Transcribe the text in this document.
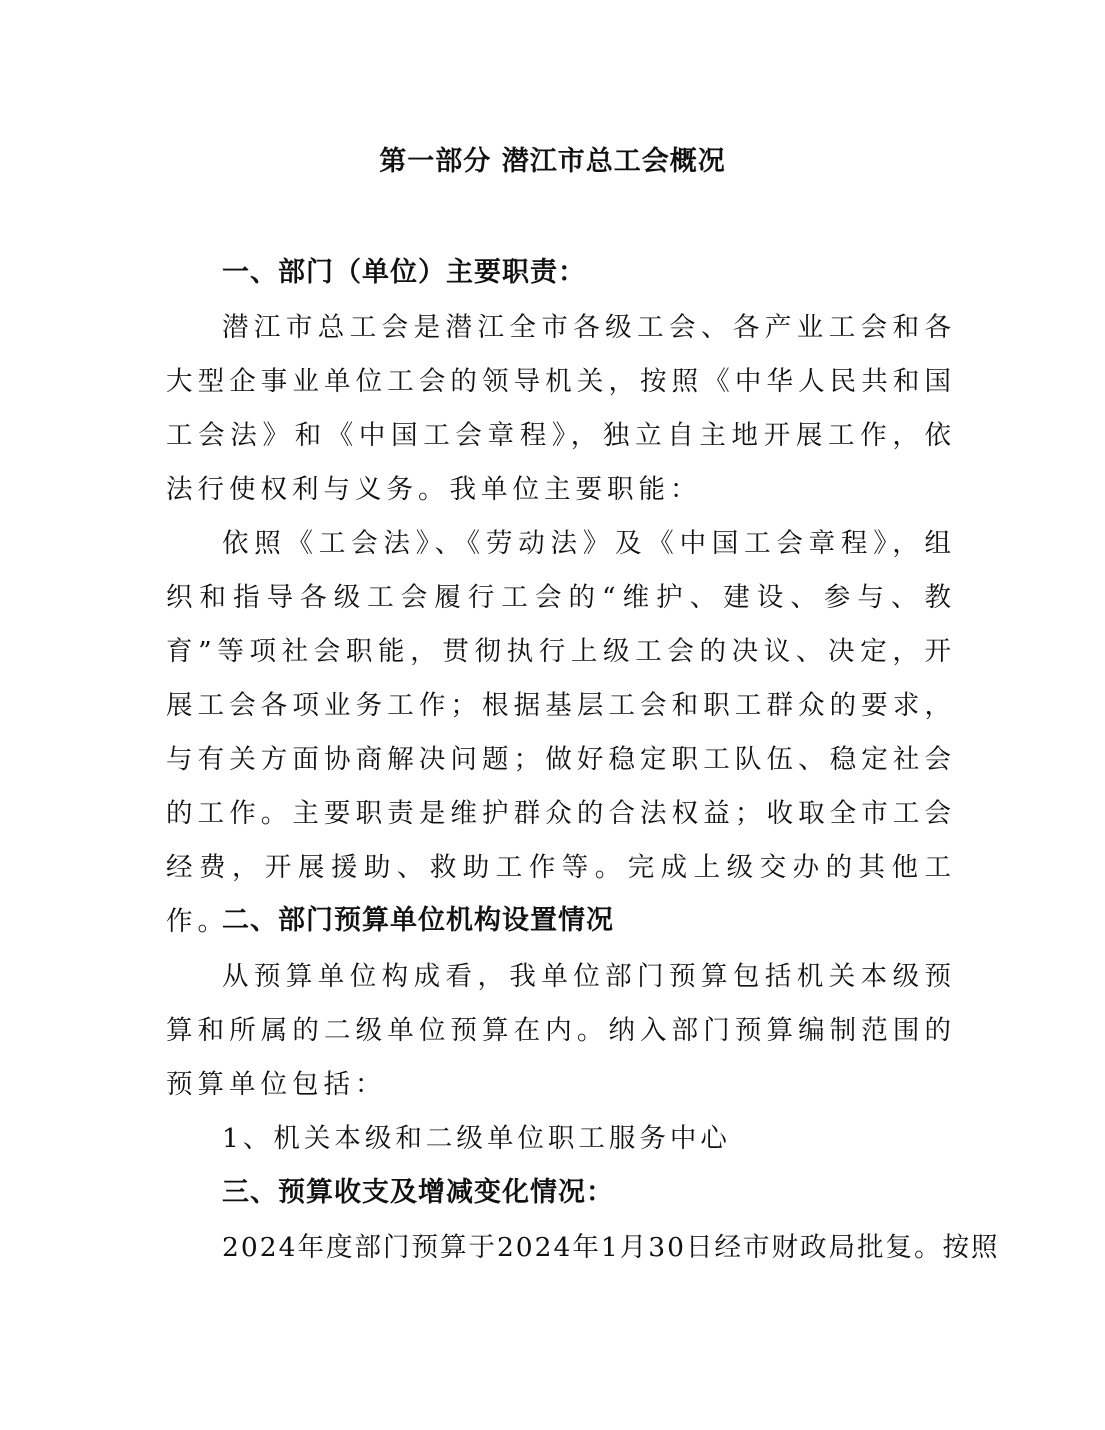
第一部分 潜江市总工会概况
一、部门（单位）主要职责：

潜江市总工会是潜江全市各级工会、各产业工会和各大型企事业单位工会的领导机关，按照《中华人民共和国工会法》和《中国工会章程》，独立自主地开展工作，依法行使权利与义务。我单位主要职能：

依照《工会法》、《劳动法》及《中国工会章程》，组织和指导各级工会履行工会的“维护、建设、参与、教育”等项社会职能，贯彻执行上级工会的决议、决定，开展工会各项业务工作；根据基层工会和职工群众的要求，与有关方面协商解决问题；做好稳定职工队伍、稳定社会的工作。主要职责是维护群众的合法权益；收取全市工会经费，开展援助、救助工作等。完成上级交办的其他工作。

二、部门预算单位机构设置情况

从预算单位构成看，我单位部门预算包括机关本级预算和所属的二级单位预算在内。纳入部门预算编制范围的预算单位包括：

1、机关本级和二级单位职工服务中心
三、预算收支及增减变化情况：
2024年度部门预算于2024年1月30日经市财政局批复。按照
